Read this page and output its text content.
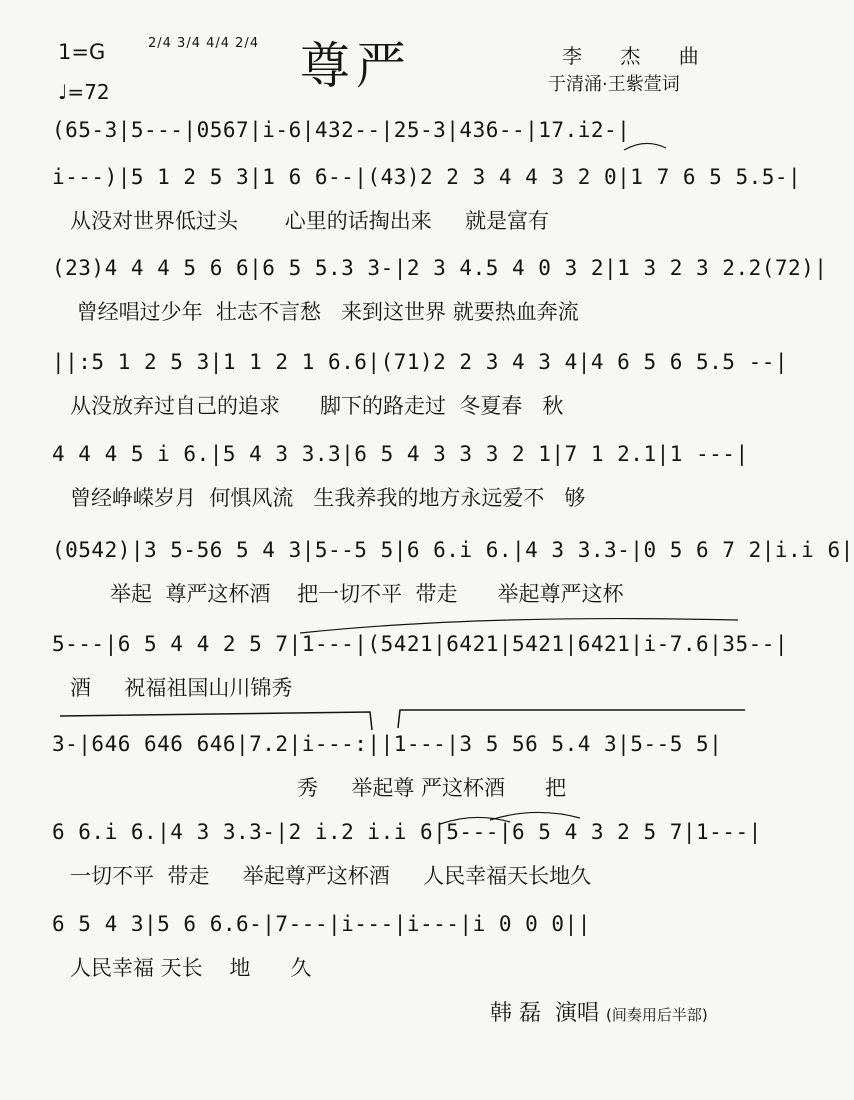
1=G
♩=72
2/4 3/4 4/4 2/4 尊严	李 杰 曲
于清涌·王紫萱词
(65-3|5---|0567|i-6|432--|25-3|436--|17.i2-|
i---)|5 1 2 5 3|1 6 6--|(43)2 2 3 4 4 3 2 0|1 7 6 5 5.5-|
从没对世界低过头       心里的话掏出来     就是富有
(23)4 4 4 5 6 6|6 5 5.3 3-|2 3 4.5 4 0 3 2|1 3 2 3 2.2(72)|
曾经唱过少年  壮志不言愁   来到这世界 就要热血奔流
||:5 1 2 5 3|1 1 2 1 6.6|(71)2 2 3 4 3 4|4 6 5 6 5.5 --|
从没放弃过自己的追求      脚下的路走过  冬夏春   秋
4 4 4 5 i 6.|5 4 3 3.3|6 5 4 3 3 3 2 1|7 1 2.1|1 ---|
曾经峥嵘岁月  何惧风流   生我养我的地方永远爱不   够
(0542)|3 5-56 5 4 3|5--5 5|6 6.i 6.|4 3 3.3-|0 5 6 7 2|i.i 6|
举起  尊严这杯酒    把一切不平  带走      举起尊严这杯
5---|6 5 4 4 2 5 7|1---|(5421|6421|5421|6421|i-7.6|35--|
酒     祝福祖国山川锦秀
3-|646 646 646|7.2|i---:||1---|3 5 56 5.4 3|5--5 5|
秀     举起尊 严这杯酒      把
6 6.i 6.|4 3 3.3-|2 i.2 i.i 6|5---|6 5 4 3 2 5 7|1---|
一切不平  带走     举起尊严这杯酒     人民幸福天长地久
6 5 4 3|5 6 6.6-|7---|i---|i---|i 0 0 0||
人民幸福 天长    地      久
韩 磊  演唱 (间奏用后半部)
